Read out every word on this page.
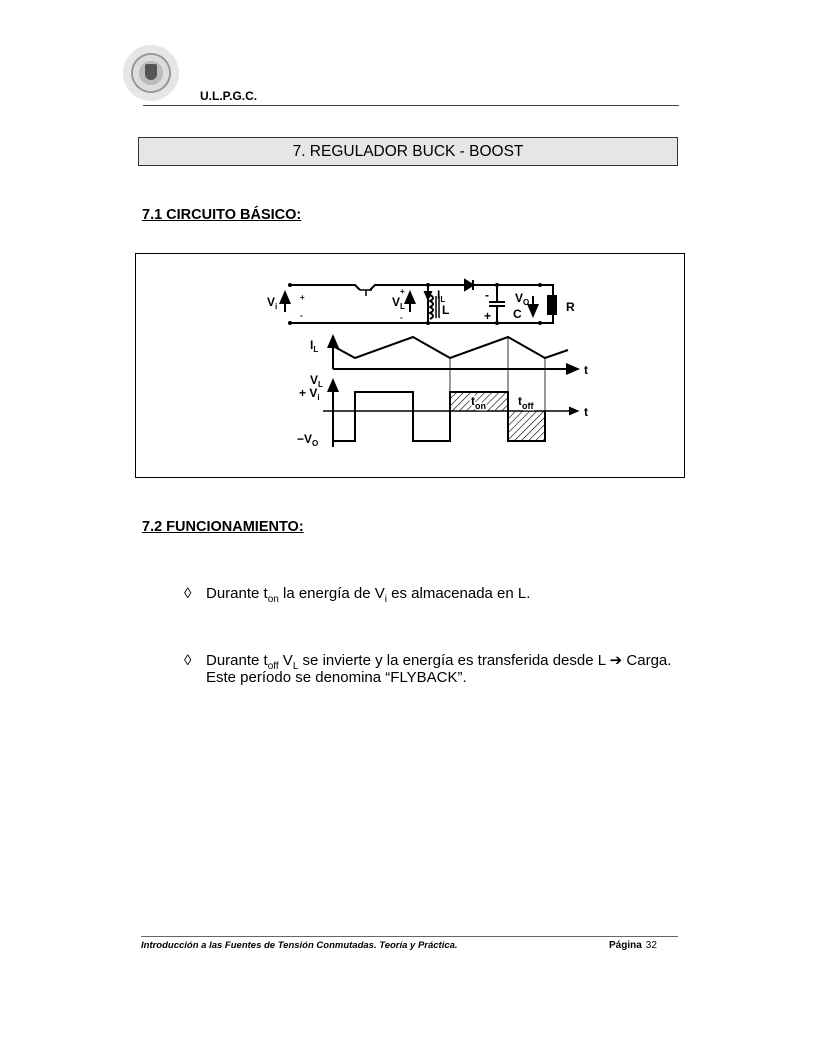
U.L.P.G.C.
7. REGULADOR BUCK - BOOST
7.1 CIRCUITO BÁSICO:
$V_i$	$V_L$
$I_L$
L
$V_O$
C	R
+
-
+
-
-
+
$I_L$
t
t
$V_L$
+ $V_i$
$-V_O$
$t_{on}$	$t_{off}$
7.2 FUNCIONAMIENTO:
◊ Durante $t_{on}$ la energía de $V_i$ es almacenada en L.
◊ Durante $t_{off}$ $V_L$ se invierte y la energía es transferida desde L ➔ Carga.
Este período se denomina “FLYBACK”.
Introducción a las Fuentes de Tensión Conmutadas. Teoría y Práctica.	Página 32
